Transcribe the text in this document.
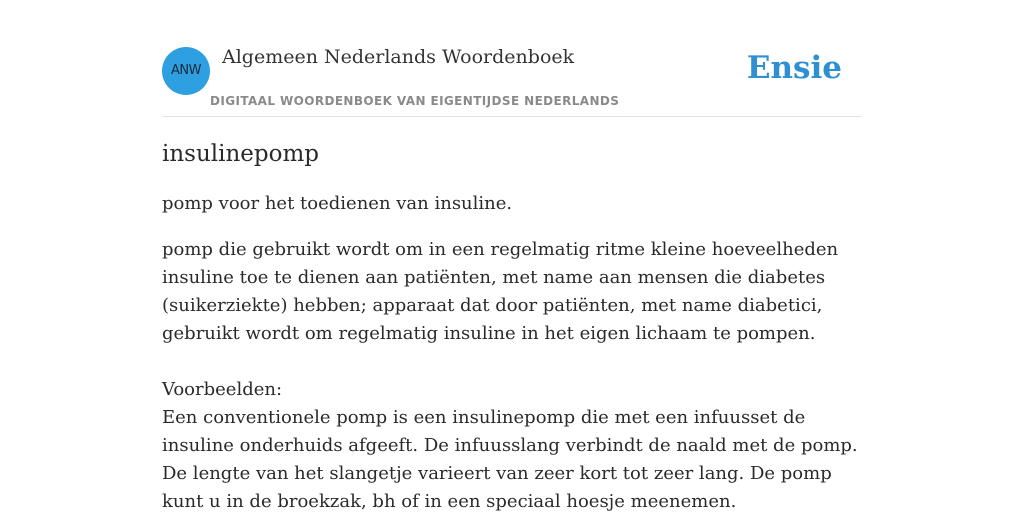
ANW
Algemeen Nederlands Woordenboek
DIGITAAL WOORDENBOEK VAN EIGENTIJDSE NEDERLANDS
Ensie
insulinepomp

pomp voor het toedienen van insuline.

pomp die gebruikt wordt om in een regelmatig ritme kleine hoeveelheden insuline toe te dienen aan patiënten, met name aan mensen die diabetes (suikerziekte) hebben; apparaat dat door patiënten, met name diabetici, gebruikt wordt om regelmatig insuline in het eigen lichaam te pompen.

Voorbeelden:

Een conventionele pomp is een insulinepomp die met een infuusset de insuline onderhuids afgeeft. De infuusslang verbindt de naald met de pomp. De lengte van het slangetje varieert van zeer kort tot zeer lang. De pomp kunt u in de broekzak, bh of in een speciaal hoesje meenemen.
